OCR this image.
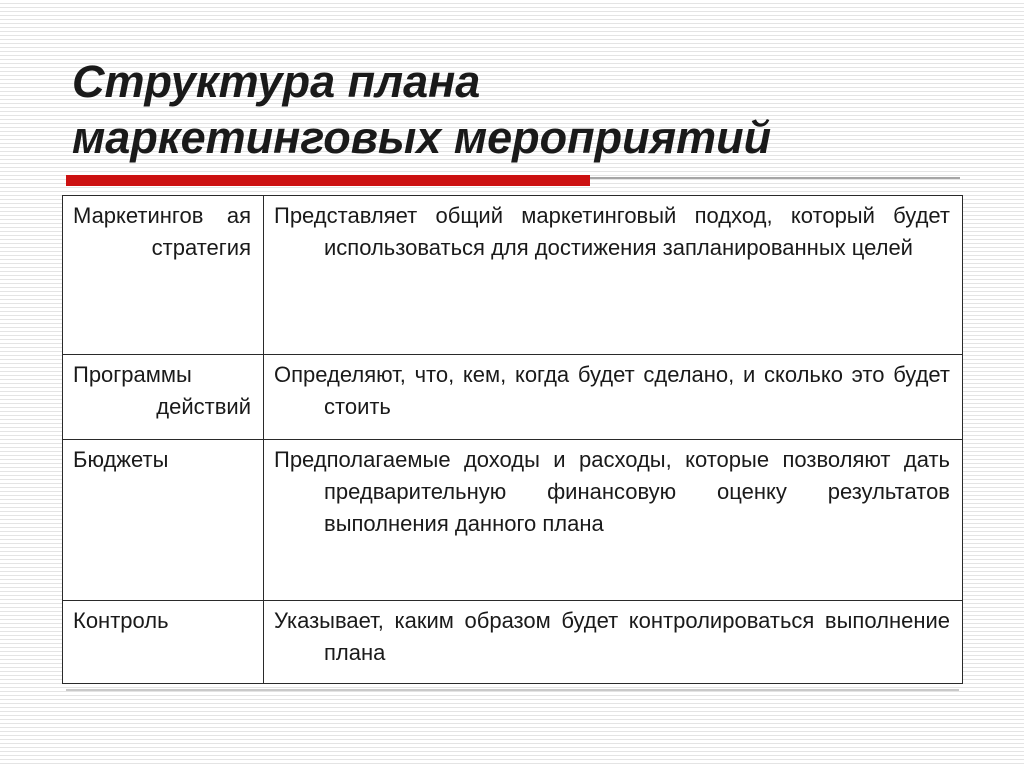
Структура плана
маркетинговых мероприятий
Маркетингов ая стратегия	Представляет общий маркетинговый подход, который будет использоваться для достижения запланированных целей

Программы действий	Определяют, что, кем, когда будет сделано, и сколько это будет стоить

Бюджеты	Предполагаемые доходы и расходы, которые позволяют дать предварительную финансовую оценку результатов выполнения данного плана

Контроль	Указывает, каким образом будет контролироваться выполнение плана
